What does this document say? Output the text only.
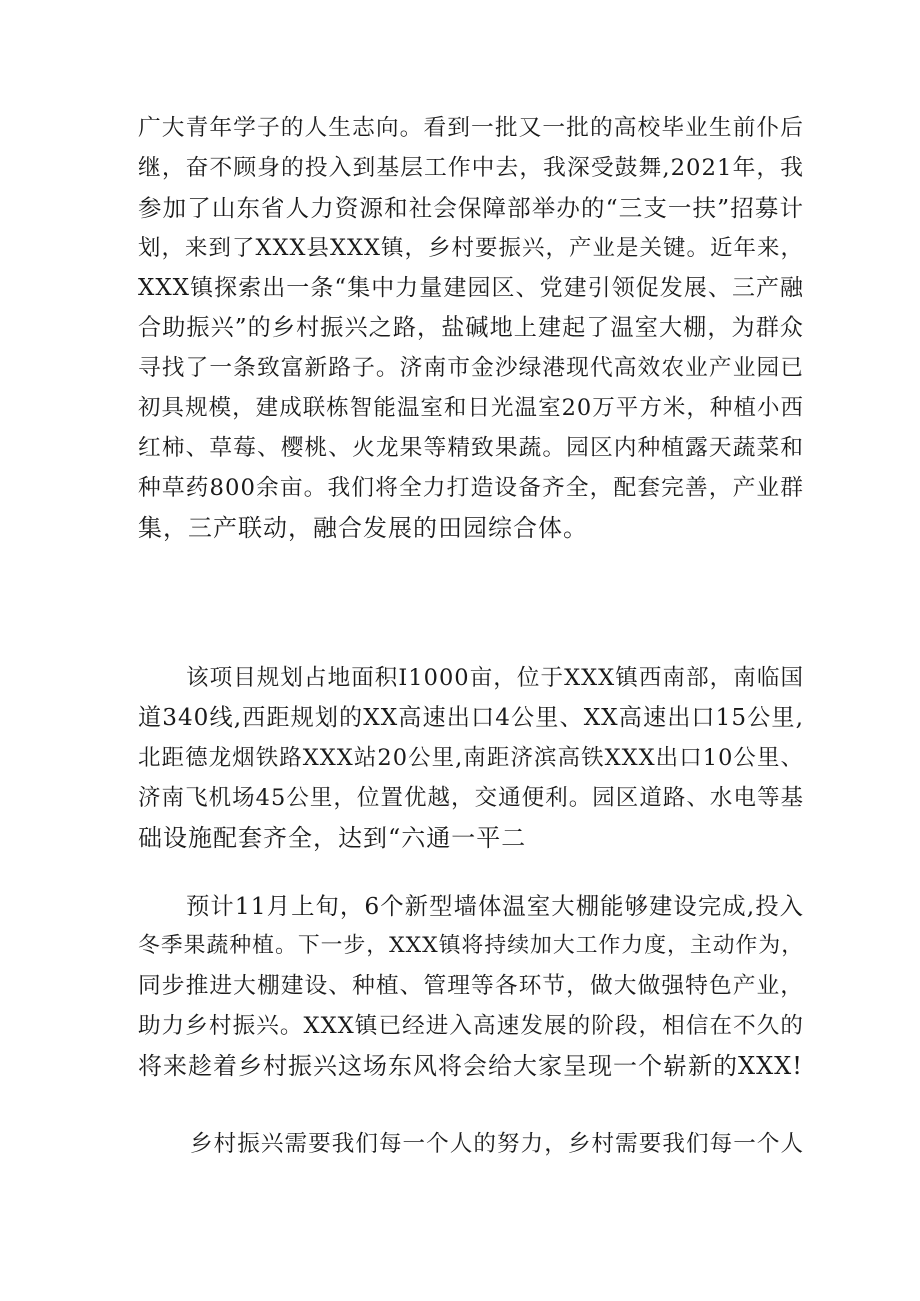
广大青年学子的人生志向。看到一批又一批的高校毕业生前仆后
继，奋不顾身的投入到基层工作中去，我深受鼓舞,2021年，我
参加了山东省人力资源和社会保障部举办的“三支一扶”招募计
划，来到了XXX县XXX镇，乡村要振兴，产业是关键。近年来，
XXX镇探索出一条“集中力量建园区、党建引领促发展、三产融
合助振兴”的乡村振兴之路，盐碱地上建起了温室大棚，为群众
寻找了一条致富新路子。济南市金沙绿港现代高效农业产业园已
初具规模，建成联栋智能温室和日光温室20万平方米，种植小西
红柿、草莓、樱桃、火龙果等精致果蔬。园区内种植露天蔬菜和
种草药800余亩。我们将全力打造设备齐全，配套完善，产业群
集，三产联动，融合发展的田园综合体。
该项目规划占地面积I1000亩，位于XXX镇西南部，南临国
道340线,西距规划的XX高速出口4公里、XX高速出口15公里,
北距德龙烟铁路XXX站20公里,南距济滨高铁XXX出口10公里、
济南飞机场45公里，位置优越，交通便利。园区道路、水电等基
础设施配套齐全，达到“六通一平二
预计11月上旬，6个新型墙体温室大棚能够建设完成,投入
冬季果蔬种植。下一步，XXX镇将持续加大工作力度，主动作为，
同步推进大棚建设、种植、管理等各环节，做大做强特色产业，
助力乡村振兴。XXX镇已经进入高速发展的阶段，相信在不久的
将来趁着乡村振兴这场东风将会给大家呈现一个崭新的XXX!
乡村振兴需要我们每一个人的努力，乡村需要我们每一个人
